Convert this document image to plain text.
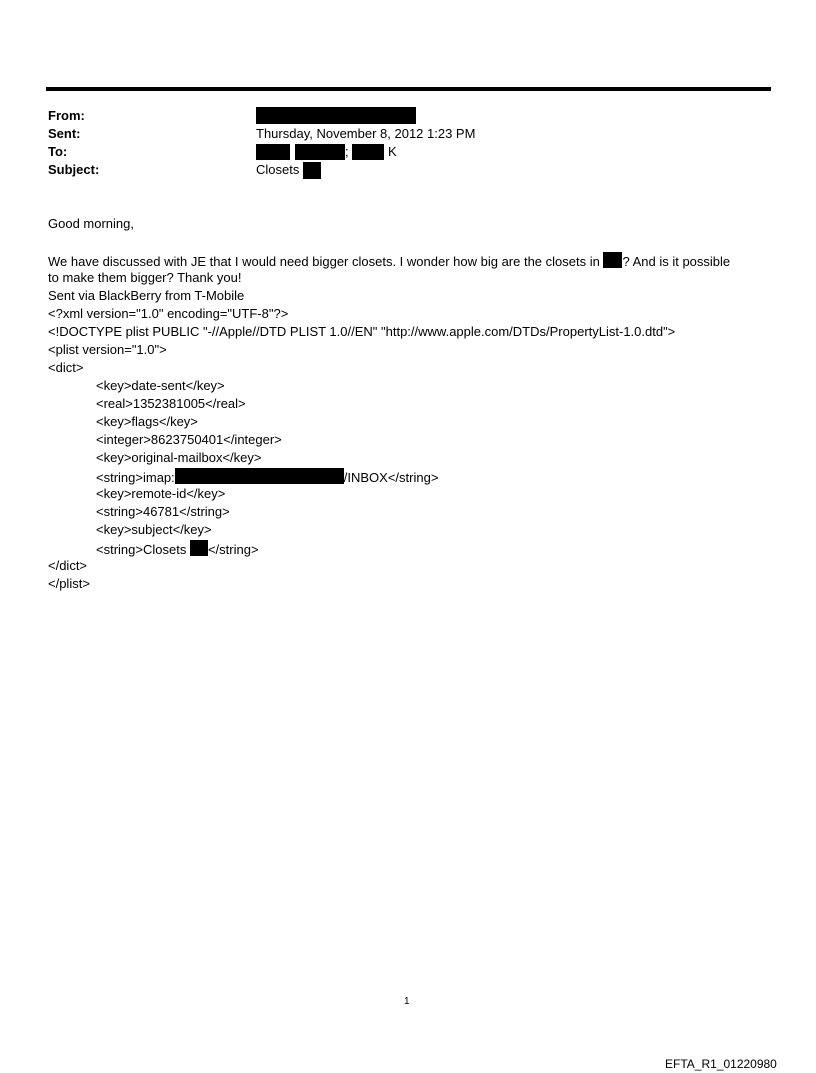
From:
Sent:
To:
Subject:
Thursday, November 8, 2012 1:23 PM
;	K
Closets
Good morning,
We have discussed with JE that I would need bigger closets. I wonder how big are the closets in ? And is it possible
to make them bigger? Thank you!
Sent via BlackBerry from T-Mobile
<?xml version="1.0" encoding="UTF-8"?>
<!DOCTYPE plist PUBLIC "-//Apple//DTD PLIST 1.0//EN" "http://www.apple.com/DTDs/PropertyList-1.0.dtd">
<plist version="1.0">
<dict>
<key>date-sent</key>
<real>1352381005</real>
<key>flags</key>
<integer>8623750401</integer>
<key>original-mailbox</key>
<string>imap:	/INBOX</string>
<key>remote-id</key>
<string>46781</string>
<key>subject</key>
<string>Closets </string>
</dict>
</plist>
1
EFTA_R1_01220980
